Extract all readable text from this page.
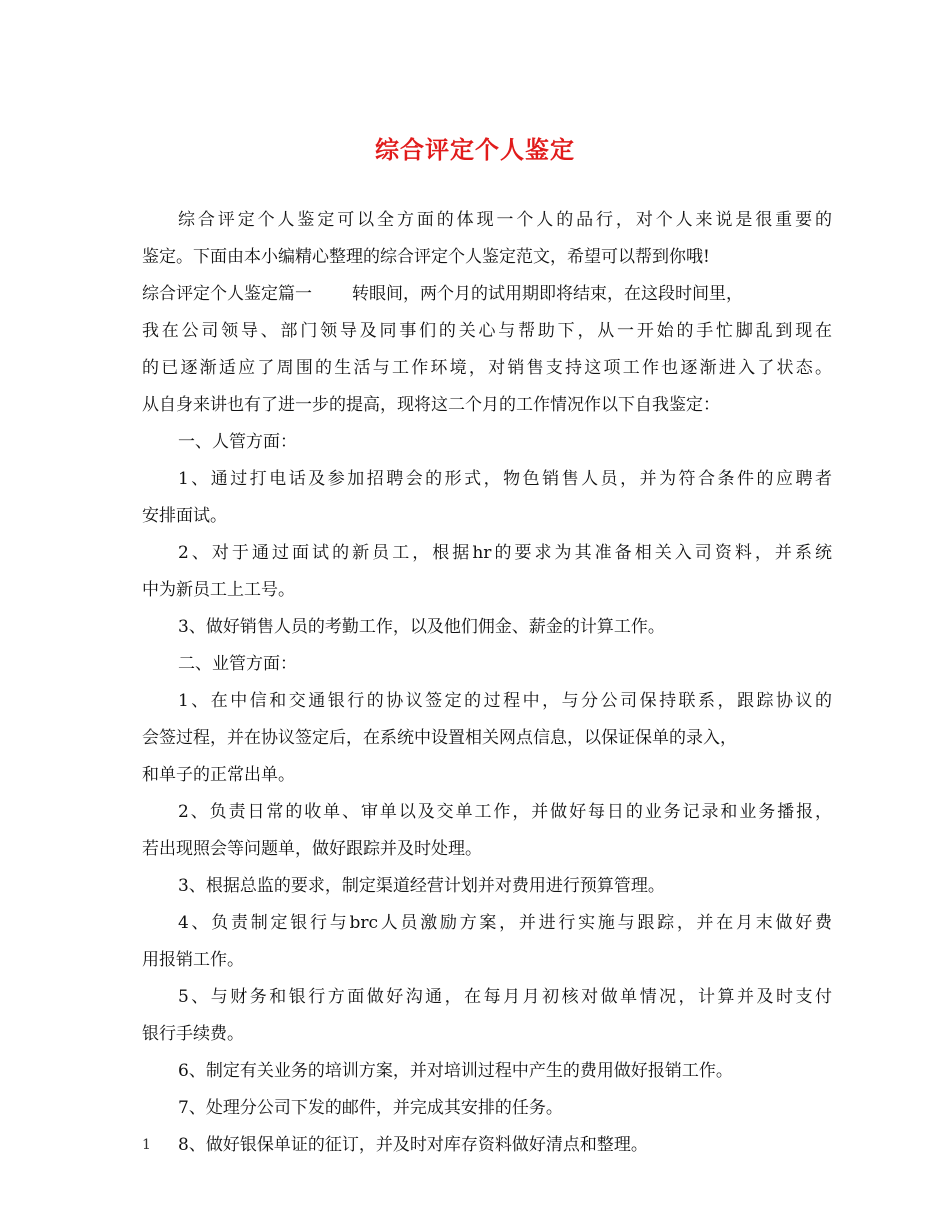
综合评定个人鉴定
综合评定个人鉴定可以全方面的体现一个人的品行，对个人来说是很重要的
鉴定。下面由本小编精心整理的综合评定个人鉴定范文，希望可以帮到你哦!
综合评定个人鉴定篇一 转眼间，两个月的试用期即将结束，在这段时间里，
我在公司领导、部门领导及同事们的关心与帮助下，从一开始的手忙脚乱到现在
的已逐渐适应了周围的生活与工作环境，对销售支持这项工作也逐渐进入了状态。
从自身来讲也有了进一步的提高，现将这二个月的工作情况作以下自我鉴定：
一、人管方面：
1、通过打电话及参加招聘会的形式，物色销售人员，并为符合条件的应聘者
安排面试。
2、对于通过面试的新员工，根据hr的要求为其准备相关入司资料，并系统
中为新员工上工号。
3、做好销售人员的考勤工作，以及他们佣金、薪金的计算工作。
二、业管方面：
1、在中信和交通银行的协议签定的过程中，与分公司保持联系，跟踪协议的
会签过程，并在协议签定后，在系统中设置相关网点信息，以保证保单的录入，
和单子的正常出单。
2、负责日常的收单、审单以及交单工作，并做好每日的业务记录和业务播报，
若出现照会等问题单，做好跟踪并及时处理。
3、根据总监的要求，制定渠道经营计划并对费用进行预算管理。
4、负责制定银行与brc人员激励方案，并进行实施与跟踪，并在月末做好费
用报销工作。
5、与财务和银行方面做好沟通，在每月月初核对做单情况，计算并及时支付
银行手续费。
6、制定有关业务的培训方案，并对培训过程中产生的费用做好报销工作。
7、处理分公司下发的邮件，并完成其安排的任务。
8、做好银保单证的征订，并及时对库存资料做好清点和整理。
1
